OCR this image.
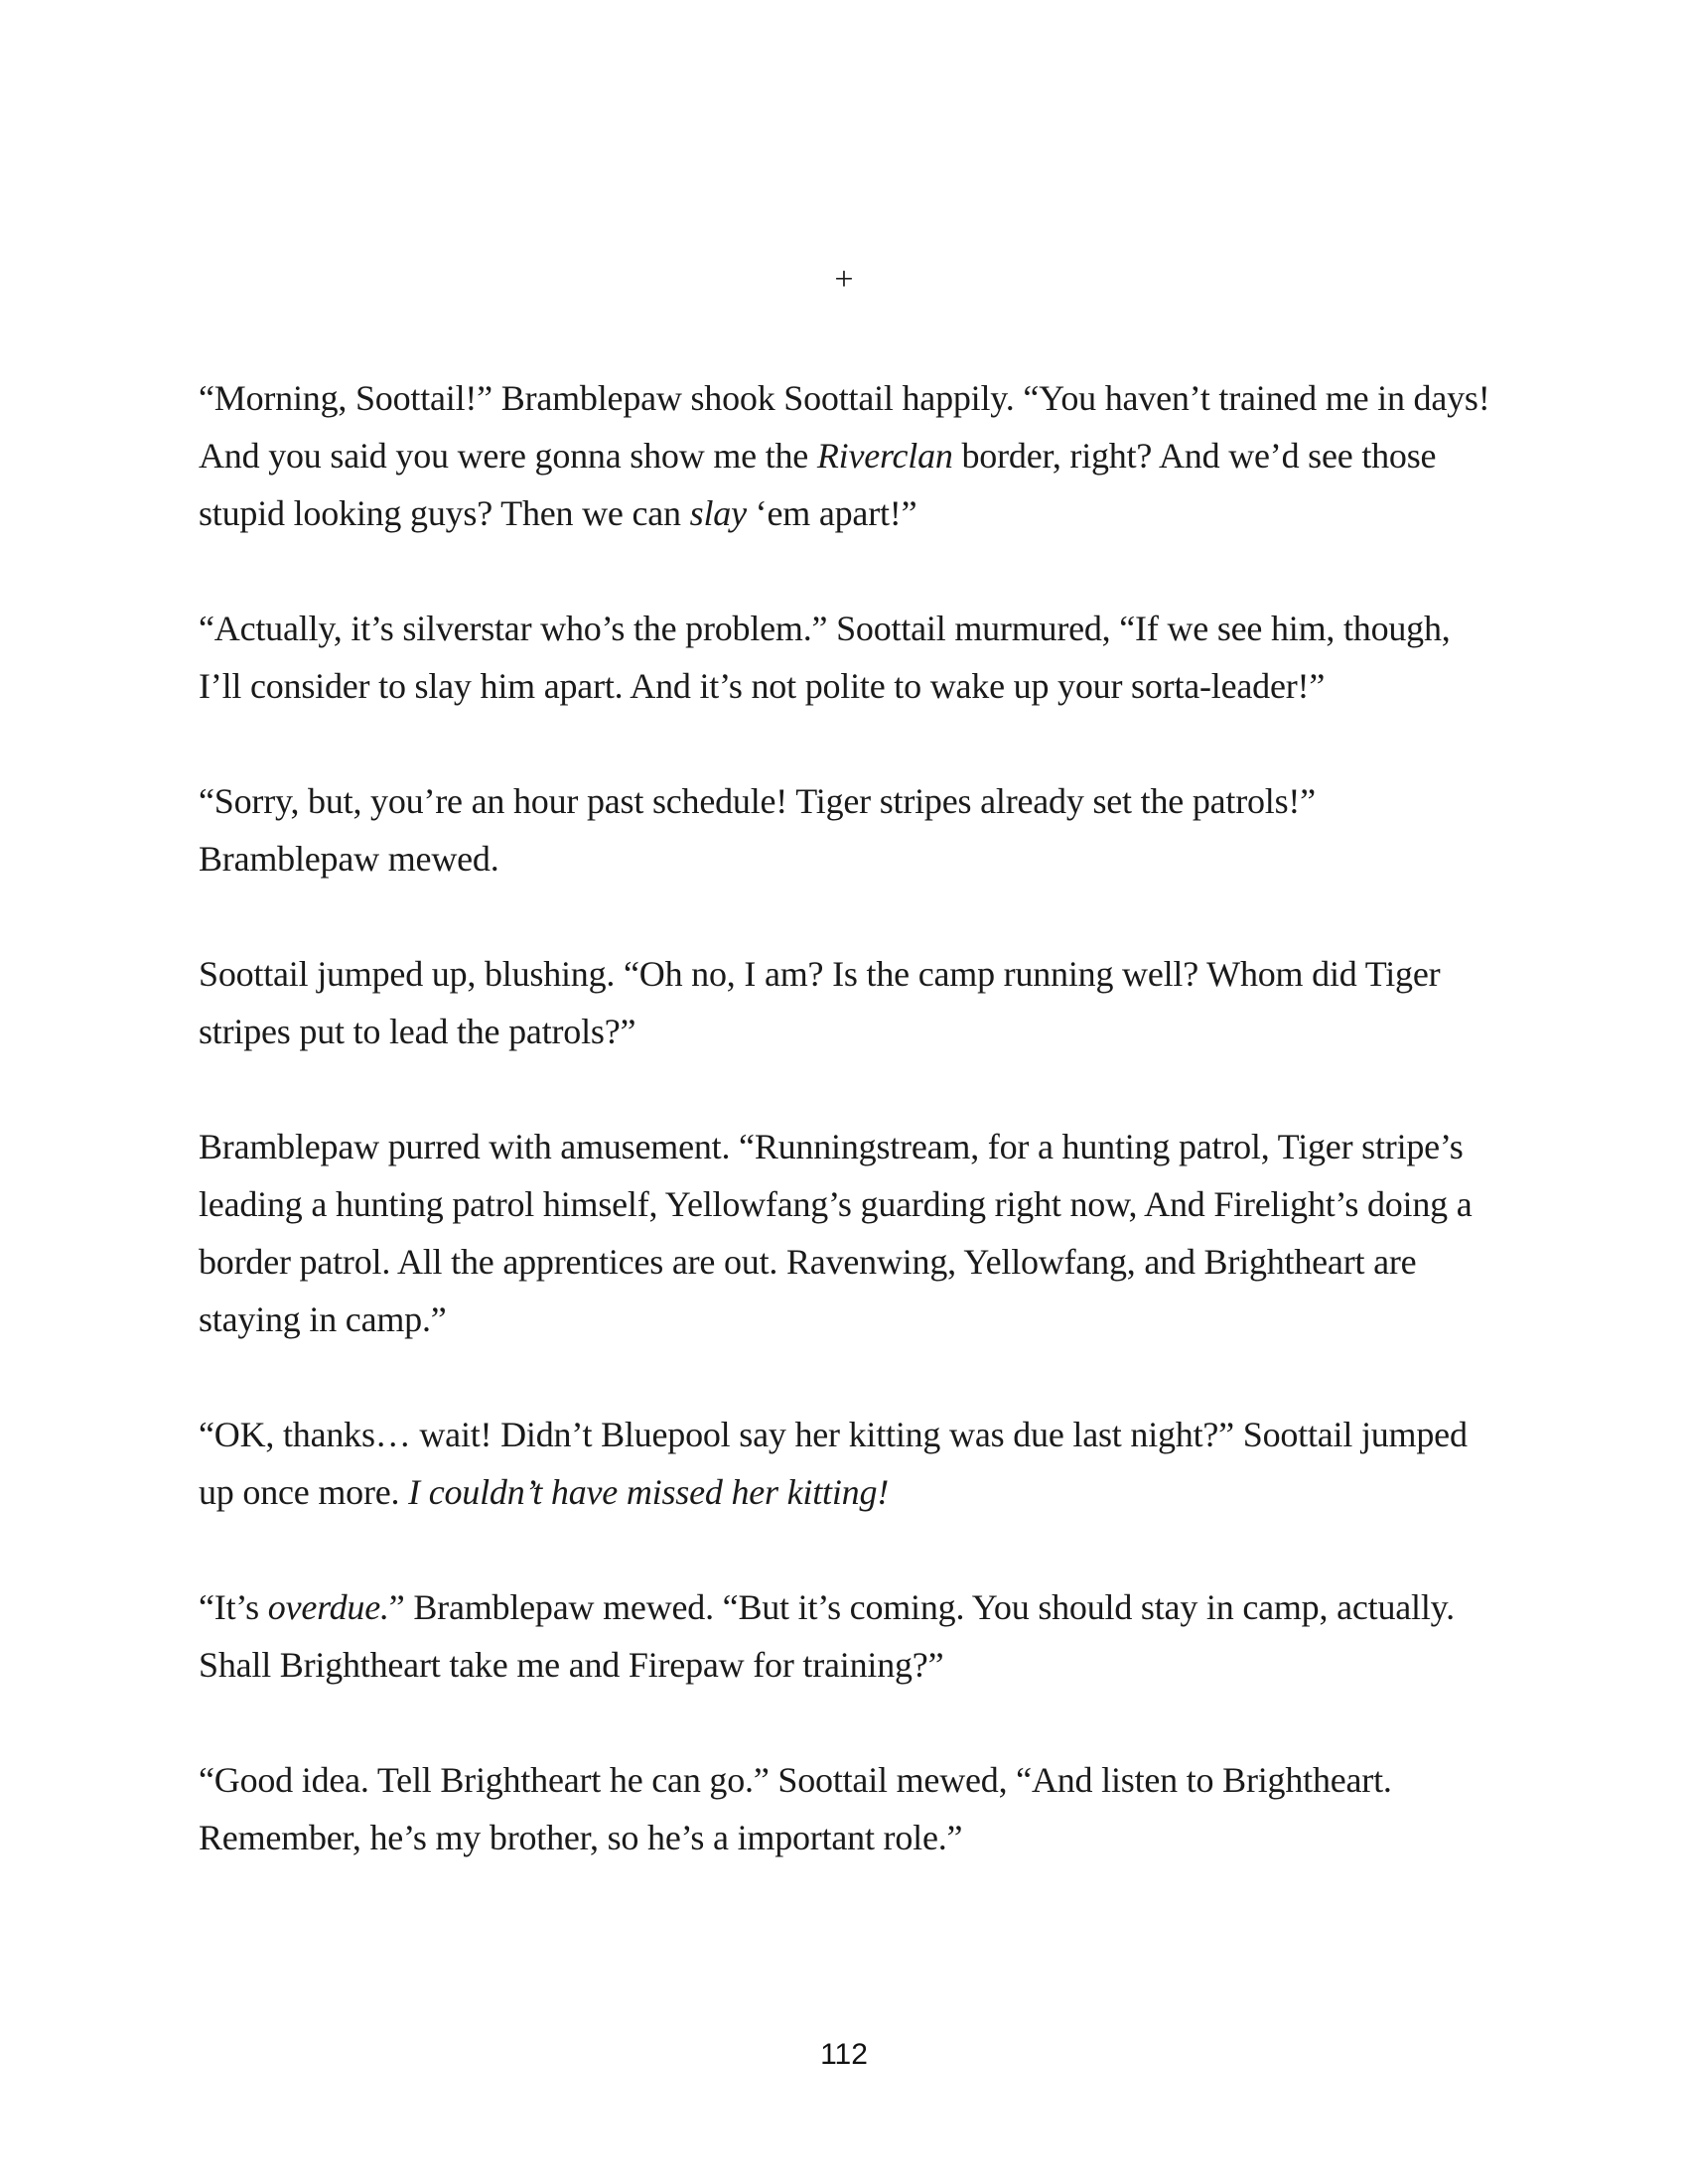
+

“Morning, Soottail!” Bramblepaw shook Soottail happily. “You haven’t trained me in days! And you said you were gonna show me the Riverclan border, right? And we’d see those stupid looking guys? Then we can slay ‘em apart!”

“Actually, it’s silverstar who’s the problem.” Soottail murmured, “If we see him, though, I’ll consider to slay him apart. And it’s not polite to wake up your sorta-leader!”

“Sorry, but, you’re an hour past schedule! Tiger stripes already set the patrols!” Bramblepaw mewed.

Soottail jumped up, blushing. “Oh no, I am? Is the camp running well? Whom did Tiger stripes put to lead the patrols?”

Bramblepaw purred with amusement. “Runningstream, for a hunting patrol, Tiger stripe’s leading a hunting patrol himself, Yellowfang’s guarding right now, And Firelight’s doing a border patrol. All the apprentices are out. Ravenwing, Yellowfang, and Brightheart are staying in camp.”

“OK, thanks… wait! Didn’t Bluepool say her kitting was due last night?” Soottail jumped up once more. I couldn’t have missed her kitting!

“It’s overdue.” Bramblepaw mewed. “But it’s coming. You should stay in camp, actually. Shall Brightheart take me and Firepaw for training?”

“Good idea. Tell Brightheart he can go.” Soottail mewed, “And listen to Brightheart. Remember, he’s my brother, so he’s a important role.”

112
